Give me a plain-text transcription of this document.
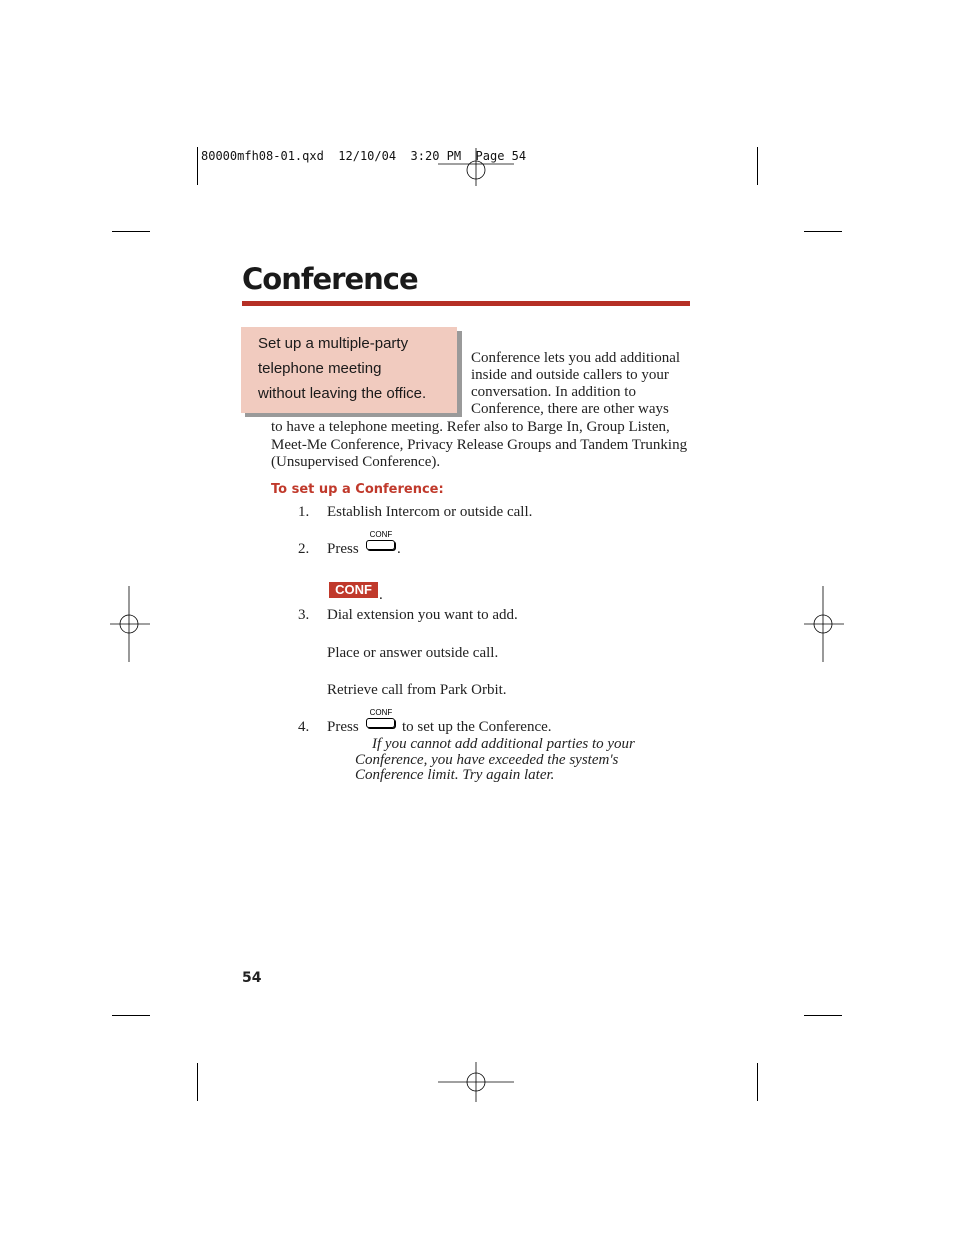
80000mfh08-01.qxd  12/10/04  3:20 PM  Page 54
Conference
Set up a multiple-party
telephone meeting
without leaving the office.
Conference lets you add additional inside and outside callers to your conversation. In addition to Conference, there are other ways
to have a telephone meeting. Refer also to Barge In, Group Listen, Meet-Me Conference, Privacy Release Groups and Tandem Trunking (Unsupervised Conference).
To set up a Conference:
1. Establish Intercom or outside call.
2. Press	.
CONF
CONF .
3. Dial extension you want to add.
Place or answer outside call.
Retrieve call from Park Orbit.
4. Press	to set up the Conference.
CONF
If you cannot add additional parties to your Conference, you have exceeded the system's Conference limit. Try again later.
54
